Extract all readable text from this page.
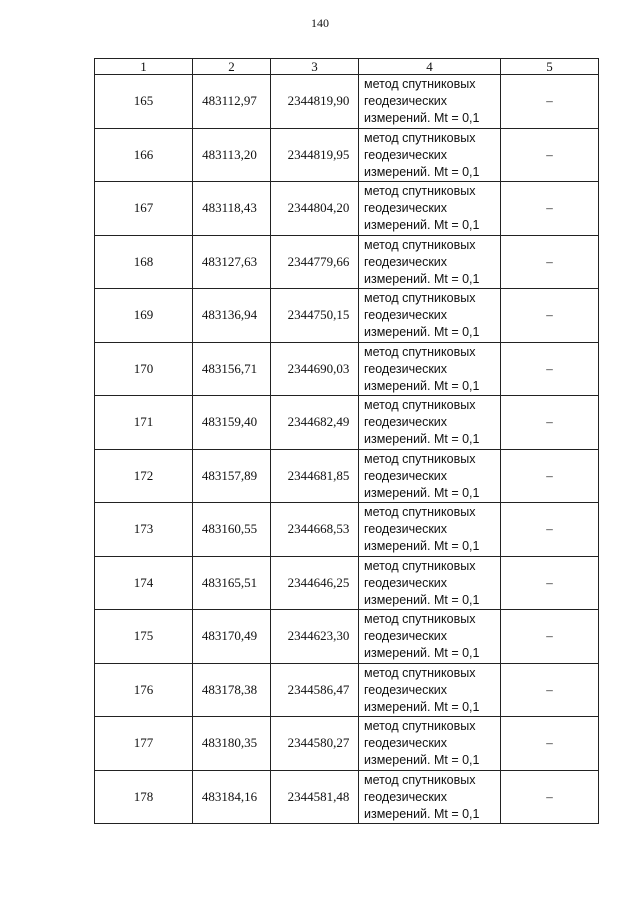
140
1	2	3	4	5
165	483112,97	2344819,90	метод спутниковых
геодезических
измерений. Mt = 0,1	–
166	483113,20	2344819,95	метод спутниковых
геодезических
измерений. Mt = 0,1	–
167	483118,43	2344804,20	метод спутниковых
геодезических
измерений. Mt = 0,1	–
168	483127,63	2344779,66	метод спутниковых
геодезических
измерений. Mt = 0,1	–
169	483136,94	2344750,15	метод спутниковых
геодезических
измерений. Mt = 0,1	–
170	483156,71	2344690,03	метод спутниковых
геодезических
измерений. Mt = 0,1	–
171	483159,40	2344682,49	метод спутниковых
геодезических
измерений. Mt = 0,1	–
172	483157,89	2344681,85	метод спутниковых
геодезических
измерений. Mt = 0,1	–
173	483160,55	2344668,53	метод спутниковых
геодезических
измерений. Mt = 0,1	–
174	483165,51	2344646,25	метод спутниковых
геодезических
измерений. Mt = 0,1	–
175	483170,49	2344623,30	метод спутниковых
геодезических
измерений. Mt = 0,1	–
176	483178,38	2344586,47	метод спутниковых
геодезических
измерений. Mt = 0,1	–
177	483180,35	2344580,27	метод спутниковых
геодезических
измерений. Mt = 0,1	–
178	483184,16	2344581,48	метод спутниковых
геодезических
измерений. Mt = 0,1	–
